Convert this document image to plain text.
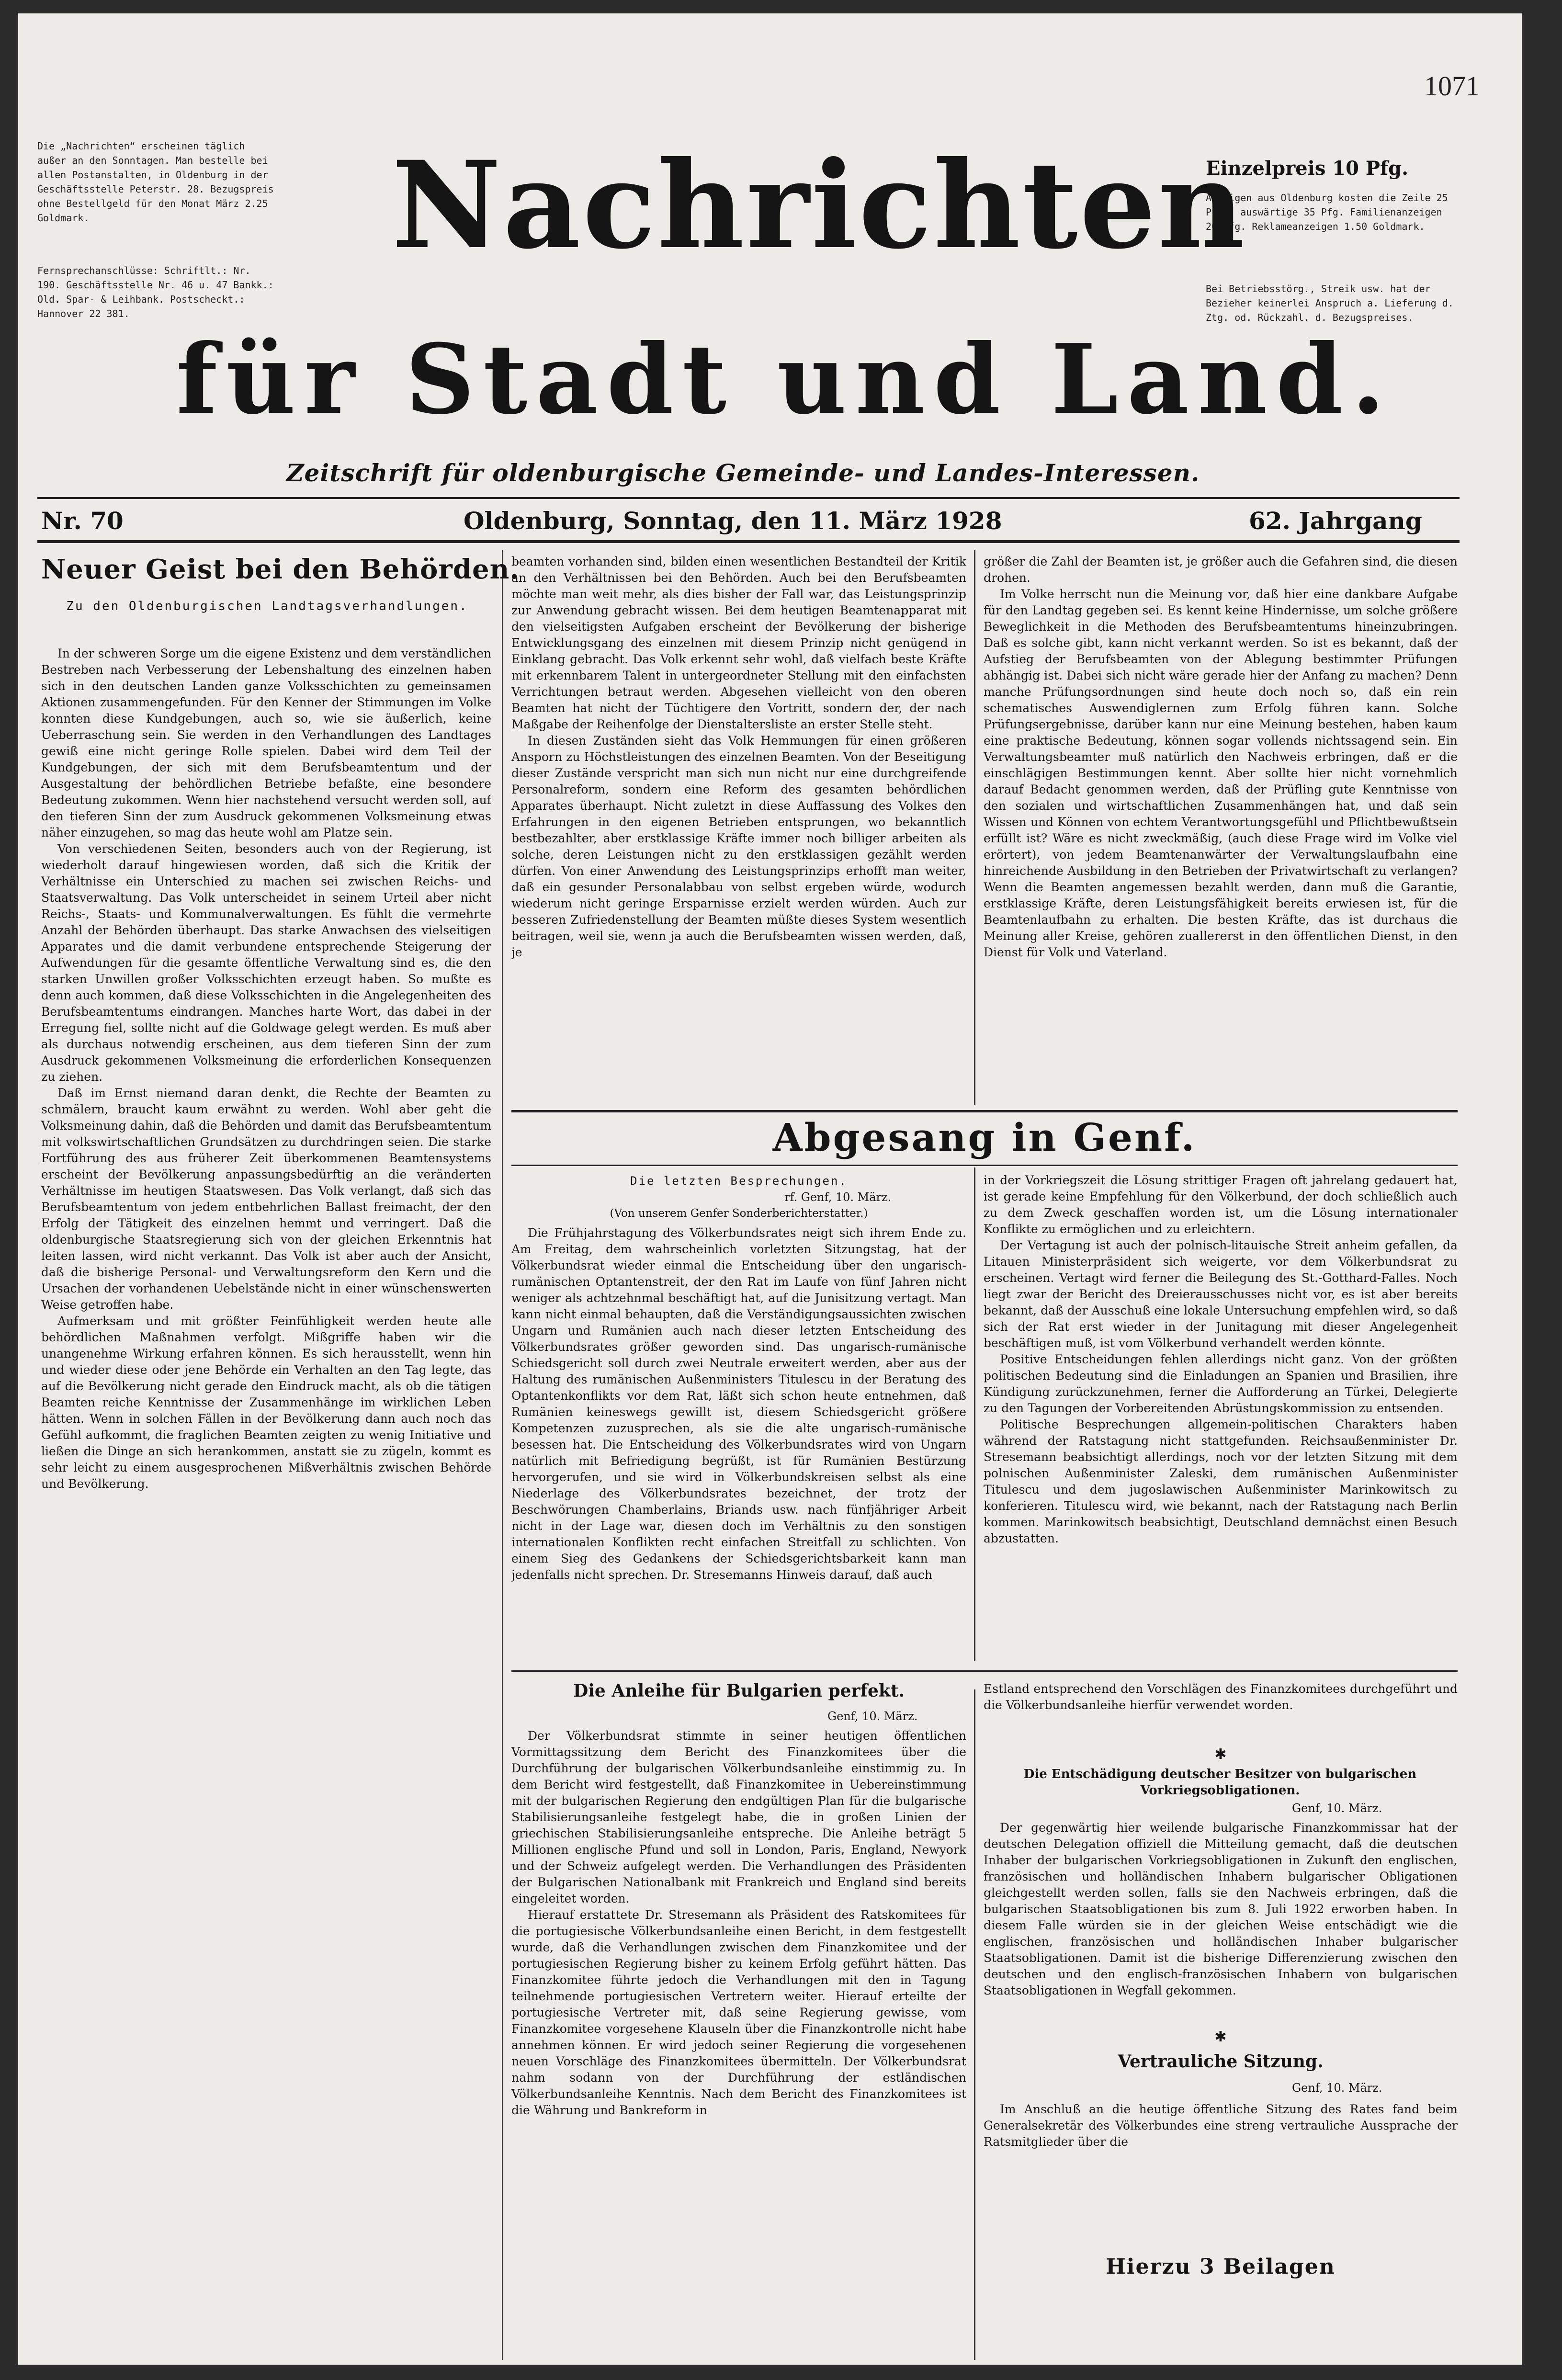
1071
Die „Nachrichten“ erscheinen täglich außer an den Sonntagen. Man bestelle bei allen Postanstalten, in Oldenburg in der Geschäftsstelle Peterstr. 28. Bezugspreis ohne Bestellgeld für den Monat März 2.25 Goldmark.
Fernsprechanschlüsse: Schriftlt.: Nr. 190. Geschäftsstelle Nr. 46 u. 47 Bankk.: Old. Spar- & Leihbank. Postscheckt.: Hannover 22 381.
Einzelpreis 10 Pfg.
Anzeigen aus Oldenburg kosten die Zeile 25 Pfg., auswärtige 35 Pfg. Familienanzeigen 20 Pfg. Reklameanzeigen 1.50 Goldmark.
Bei Betriebsstörg., Streik usw. hat der Bezieher keinerlei Anspruch a. Lieferung d. Ztg. od. Rückzahl. d. Bezugspreises.
Nachrichten
für Stadt und Land.
Zeitschrift für oldenburgische Gemeinde- und Landes-Interessen.
Nr. 70	Oldenburg, Sonntag, den 11. März 1928	62. Jahrgang
Neuer Geist bei den Behörden.
Zu den Oldenburgischen Landtagsverhandlungen.

In der schweren Sorge um die eigene Existenz und dem verständlichen Bestreben nach Verbesserung der Lebenshaltung des einzelnen haben sich in den deutschen Landen ganze Volksschichten zu gemeinsamen Aktionen zusammengefunden. Für den Kenner der Stimmungen im Volke konnten diese Kundgebungen, auch so, wie sie äußerlich, keine Ueberraschung sein. Sie werden in den Verhandlungen des Landtages gewiß eine nicht geringe Rolle spielen. Dabei wird dem Teil der Kundgebungen, der sich mit dem Berufsbeamtentum und der Ausgestaltung der behördlichen Betriebe befaßte, eine besondere Bedeutung zukommen. Wenn hier nachstehend versucht werden soll, auf den tieferen Sinn der zum Ausdruck gekommenen Volksmeinung etwas näher einzugehen, so mag das heute wohl am Platze sein.

Von verschiedenen Seiten, besonders auch von der Regierung, ist wiederholt darauf hingewiesen worden, daß sich die Kritik der Verhältnisse ein Unterschied zu machen sei zwischen Reichs- und Staatsverwaltung. Das Volk unterscheidet in seinem Urteil aber nicht Reichs-, Staats- und Kommunalverwaltungen. Es fühlt die vermehrte Anzahl der Behörden überhaupt. Das starke Anwachsen des vielseitigen Apparates und die damit verbundene entsprechende Steigerung der Aufwendungen für die gesamte öffentliche Verwaltung sind es, die den starken Unwillen großer Volksschichten erzeugt haben. So mußte es denn auch kommen, daß diese Volksschichten in die Angelegenheiten des Berufsbeamtentums eindrangen. Manches harte Wort, das dabei in der Erregung fiel, sollte nicht auf die Goldwage gelegt werden. Es muß aber als durchaus notwendig erscheinen, aus dem tieferen Sinn der zum Ausdruck gekommenen Volksmeinung die erforderlichen Konsequenzen zu ziehen.

Daß im Ernst niemand daran denkt, die Rechte der Beamten zu schmälern, braucht kaum erwähnt zu werden. Wohl aber geht die Volksmeinung dahin, daß die Behörden und damit das Berufsbeamtentum mit volkswirtschaftlichen Grundsätzen zu durchdringen seien. Die starke Fortführung des aus früherer Zeit überkommenen Beamtensystems erscheint der Bevölkerung anpassungsbedürftig an die veränderten Verhältnisse im heutigen Staatswesen. Das Volk verlangt, daß sich das Berufsbeamtentum von jedem entbehrlichen Ballast freimacht, der den Erfolg der Tätigkeit des einzelnen hemmt und verringert. Daß die oldenburgische Staatsregierung sich von der gleichen Erkenntnis hat leiten lassen, wird nicht verkannt. Das Volk ist aber auch der Ansicht, daß die bisherige Personal- und Verwaltungsreform den Kern und die Ursachen der vorhandenen Uebelstände nicht in einer wünschenswerten Weise getroffen habe.

Aufmerksam und mit größter Feinfühligkeit werden heute alle behördlichen Maßnahmen verfolgt. Mißgriffe haben wir die unangenehme Wirkung erfahren können. Es sich herausstellt, wenn hin und wieder diese oder jene Behörde ein Verhalten an den Tag legte, das auf die Bevölkerung nicht gerade den Eindruck macht, als ob die tätigen Beamten reiche Kenntnisse der Zusammenhänge im wirklichen Leben hätten. Wenn in solchen Fällen in der Bevölkerung dann auch noch das Gefühl aufkommt, die fraglichen Beamten zeigten zu wenig Initiative und ließen die Dinge an sich herankommen, anstatt sie zu zügeln, kommt es sehr leicht zu einem ausgesprochenen Mißverhältnis zwischen Behörde und Bevölkerung.

beamten vorhanden sind, bilden einen wesentlichen Bestandteil der Kritik an den Verhältnissen bei den Behörden. Auch bei den Berufsbeamten möchte man weit mehr, als dies bisher der Fall war, das Leistungsprinzip zur Anwendung gebracht wissen. Bei dem heutigen Beamtenapparat mit den vielseitigsten Aufgaben erscheint der Bevölkerung der bisherige Entwicklungsgang des einzelnen mit diesem Prinzip nicht genügend in Einklang gebracht. Das Volk erkennt sehr wohl, daß vielfach beste Kräfte mit erkennbarem Talent in untergeordneter Stellung mit den einfachsten Verrichtungen betraut werden. Abgesehen vielleicht von den oberen Beamten hat nicht der Tüchtigere den Vortritt, sondern der, der nach Maßgabe der Reihenfolge der Dienstaltersliste an erster Stelle steht.

In diesen Zuständen sieht das Volk Hemmungen für einen größeren Ansporn zu Höchstleistungen des einzelnen Beamten. Von der Beseitigung dieser Zustände verspricht man sich nun nicht nur eine durchgreifende Personalreform, sondern eine Reform des gesamten behördlichen Apparates überhaupt. Nicht zuletzt in diese Auffassung des Volkes den Erfahrungen in den eigenen Betrieben entsprungen, wo bekanntlich bestbezahlter, aber erstklassige Kräfte immer noch billiger arbeiten als solche, deren Leistungen nicht zu den erstklassigen gezählt werden dürfen. Von einer Anwendung des Leistungsprinzips erhofft man weiter, daß ein gesunder Personalabbau von selbst ergeben würde, wodurch wiederum nicht geringe Ersparnisse erzielt werden würden. Auch zur besseren Zufriedenstellung der Beamten müßte dieses System wesentlich beitragen, weil sie, wenn ja auch die Berufsbeamten wissen werden, daß, je

größer die Zahl der Beamten ist, je größer auch die Gefahren sind, die diesen drohen.

Im Volke herrscht nun die Meinung vor, daß hier eine dankbare Aufgabe für den Landtag gegeben sei. Es kennt keine Hindernisse, um solche größere Beweglichkeit in die Methoden des Berufsbeamtentums hineinzubringen. Daß es solche gibt, kann nicht verkannt werden. So ist es bekannt, daß der Aufstieg der Berufsbeamten von der Ablegung bestimmter Prüfungen abhängig ist. Dabei sich nicht wäre gerade hier der Anfang zu machen? Denn manche Prüfungsordnungen sind heute doch noch so, daß ein rein schematisches Auswendiglernen zum Erfolg führen kann. Solche Prüfungsergebnisse, darüber kann nur eine Meinung bestehen, haben kaum eine praktische Bedeutung, können sogar vollends nichtssagend sein. Ein Verwaltungsbeamter muß natürlich den Nachweis erbringen, daß er die einschlägigen Bestimmungen kennt. Aber sollte hier nicht vornehmlich darauf Bedacht genommen werden, daß der Prüfling gute Kenntnisse von den sozialen und wirtschaftlichen Zusammenhängen hat, und daß sein Wissen und Können von echtem Verantwortungsgefühl und Pflichtbewußtsein erfüllt ist? Wäre es nicht zweckmäßig, (auch diese Frage wird im Volke viel erörtert), von jedem Beamtenanwärter der Verwaltungslaufbahn eine hinreichende Ausbildung in den Betrieben der Privatwirtschaft zu verlangen? Wenn die Beamten angemessen bezahlt werden, dann muß die Garantie, erstklassige Kräfte, deren Leistungsfähigkeit bereits erwiesen ist, für die Beamtenlaufbahn zu erhalten. Die besten Kräfte, das ist durchaus die Meinung aller Kreise, gehören zuallererst in den öffentlichen Dienst, in den Dienst für Volk und Vaterland.

Abgesang in Genf.
Die letzten Besprechungen.
rf. Genf, 10. März.
(Von unserem Genfer Sonderberichterstatter.)

Die Frühjahrstagung des Völkerbundsrates neigt sich ihrem Ende zu. Am Freitag, dem wahrscheinlich vorletzten Sitzungstag, hat der Völkerbundsrat wieder einmal die Entscheidung über den ungarisch-rumänischen Optantenstreit, der den Rat im Laufe von fünf Jahren nicht weniger als achtzehnmal beschäftigt hat, auf die Junisitzung vertagt. Man kann nicht einmal behaupten, daß die Verständigungsaussichten zwischen Ungarn und Rumänien auch nach dieser letzten Entscheidung des Völkerbundsrates größer geworden sind. Das ungarisch-rumänische Schiedsgericht soll durch zwei Neutrale erweitert werden, aber aus der Haltung des rumänischen Außenministers Titulescu in der Beratung des Optantenkonflikts vor dem Rat, läßt sich schon heute entnehmen, daß Rumänien keineswegs gewillt ist, diesem Schiedsgericht größere Kompetenzen zuzusprechen, als sie die alte ungarisch-rumänische besessen hat. Die Entscheidung des Völkerbundsrates wird von Ungarn natürlich mit Befriedigung begrüßt, ist für Rumänien Bestürzung hervorgerufen, und sie wird in Völkerbundskreisen selbst als eine Niederlage des Völkerbundsrates bezeichnet, der trotz der Beschwörungen Chamberlains, Briands usw. nach fünfjähriger Arbeit nicht in der Lage war, diesen doch im Verhältnis zu den sonstigen internationalen Konflikten recht einfachen Streitfall zu schlichten. Von einem Sieg des Gedankens der Schiedsgerichtsbarkeit kann man jedenfalls nicht sprechen. Dr. Stresemanns Hinweis darauf, daß auch

in der Vorkriegszeit die Lösung strittiger Fragen oft jahrelang gedauert hat, ist gerade keine Empfehlung für den Völkerbund, der doch schließlich auch zu dem Zweck geschaffen worden ist, um die Lösung internationaler Konflikte zu ermöglichen und zu erleichtern.

Der Vertagung ist auch der polnisch-litauische Streit anheim gefallen, da Litauen Ministerpräsident sich weigerte, vor dem Völkerbundsrat zu erscheinen. Vertagt wird ferner die Beilegung des St.-Gotthard-Falles. Noch liegt zwar der Bericht des Dreierausschusses nicht vor, es ist aber bereits bekannt, daß der Ausschuß eine lokale Untersuchung empfehlen wird, so daß sich der Rat erst wieder in der Junitagung mit dieser Angelegenheit beschäftigen muß, ist vom Völkerbund verhandelt werden könnte.

Positive Entscheidungen fehlen allerdings nicht ganz. Von der größten politischen Bedeutung sind die Einladungen an Spanien und Brasilien, ihre Kündigung zurückzunehmen, ferner die Aufforderung an Türkei, Delegierte zu den Tagungen der Vorbereitenden Abrüstungskommission zu entsenden.

Politische Besprechungen allgemein-politischen Charakters haben während der Ratstagung nicht stattgefunden. Reichsaußenminister Dr. Stresemann beabsichtigt allerdings, noch vor der letzten Sitzung mit dem polnischen Außenminister Zaleski, dem rumänischen Außenminister Titulescu und dem jugoslawischen Außenminister Marinkowitsch zu konferieren. Titulescu wird, wie bekannt, nach der Ratstagung nach Berlin kommen. Marinkowitsch beabsichtigt, Deutschland demnächst einen Besuch abzustatten.

Die Anleihe für Bulgarien perfekt.
Genf, 10. März.

Der Völkerbundsrat stimmte in seiner heutigen öffentlichen Vormittagssitzung dem Bericht des Finanzkomitees über die Durchführung der bulgarischen Völkerbundsanleihe einstimmig zu. In dem Bericht wird festgestellt, daß Finanzkomitee in Uebereinstimmung mit der bulgarischen Regierung den endgültigen Plan für die bulgarische Stabilisierungsanleihe festgelegt habe, die in großen Linien der griechischen Stabilisierungsanleihe entspreche. Die Anleihe beträgt 5 Millionen englische Pfund und soll in London, Paris, England, Newyork und der Schweiz aufgelegt werden. Die Verhandlungen des Präsidenten der Bulgarischen Nationalbank mit Frankreich und England sind bereits eingeleitet worden.

Hierauf erstattete Dr. Stresemann als Präsident des Ratskomitees für die portugiesische Völkerbundsanleihe einen Bericht, in dem festgestellt wurde, daß die Verhandlungen zwischen dem Finanzkomitee und der portugiesischen Regierung bisher zu keinem Erfolg geführt hätten. Das Finanzkomitee führte jedoch die Verhandlungen mit den in Tagung teilnehmende portugiesischen Vertretern weiter. Hierauf erteilte der portugiesische Vertreter mit, daß seine Regierung gewisse, vom Finanzkomitee vorgesehene Klauseln über die Finanzkontrolle nicht habe annehmen können. Er wird jedoch seiner Regierung die vorgesehenen neuen Vorschläge des Finanzkomitees übermitteln. Der Völkerbundsrat nahm sodann von der Durchführung der estländischen Völkerbundsanleihe Kenntnis. Nach dem Bericht des Finanzkomitees ist die Währung und Bankreform in

Estland entsprechend den Vorschlägen des Finanzkomitees durchgeführt und die Völkerbundsanleihe hierfür verwendet worden.

✱
Die Entschädigung deutscher Besitzer von bulgarischen Vorkriegsobligationen.
Genf, 10. März.

Der gegenwärtig hier weilende bulgarische Finanzkommissar hat der deutschen Delegation offiziell die Mitteilung gemacht, daß die deutschen Inhaber der bulgarischen Vorkriegsobligationen in Zukunft den englischen, französischen und holländischen Inhabern bulgarischer Obligationen gleichgestellt werden sollen, falls sie den Nachweis erbringen, daß die bulgarischen Staatsobligationen bis zum 8. Juli 1922 erworben haben. In diesem Falle würden sie in der gleichen Weise entschädigt wie die englischen, französischen und holländischen Inhaber bulgarischer Staatsobligationen. Damit ist die bisherige Differenzierung zwischen den deutschen und den englisch-französischen Inhabern von bulgarischen Staatsobligationen in Wegfall gekommen.

✱
Vertrauliche Sitzung.
Genf, 10. März.

Im Anschluß an die heutige öffentliche Sitzung des Rates fand beim Generalsekretär des Völkerbundes eine streng vertrauliche Aussprache der Ratsmitglieder über die

Hierzu 3 Beilagen
